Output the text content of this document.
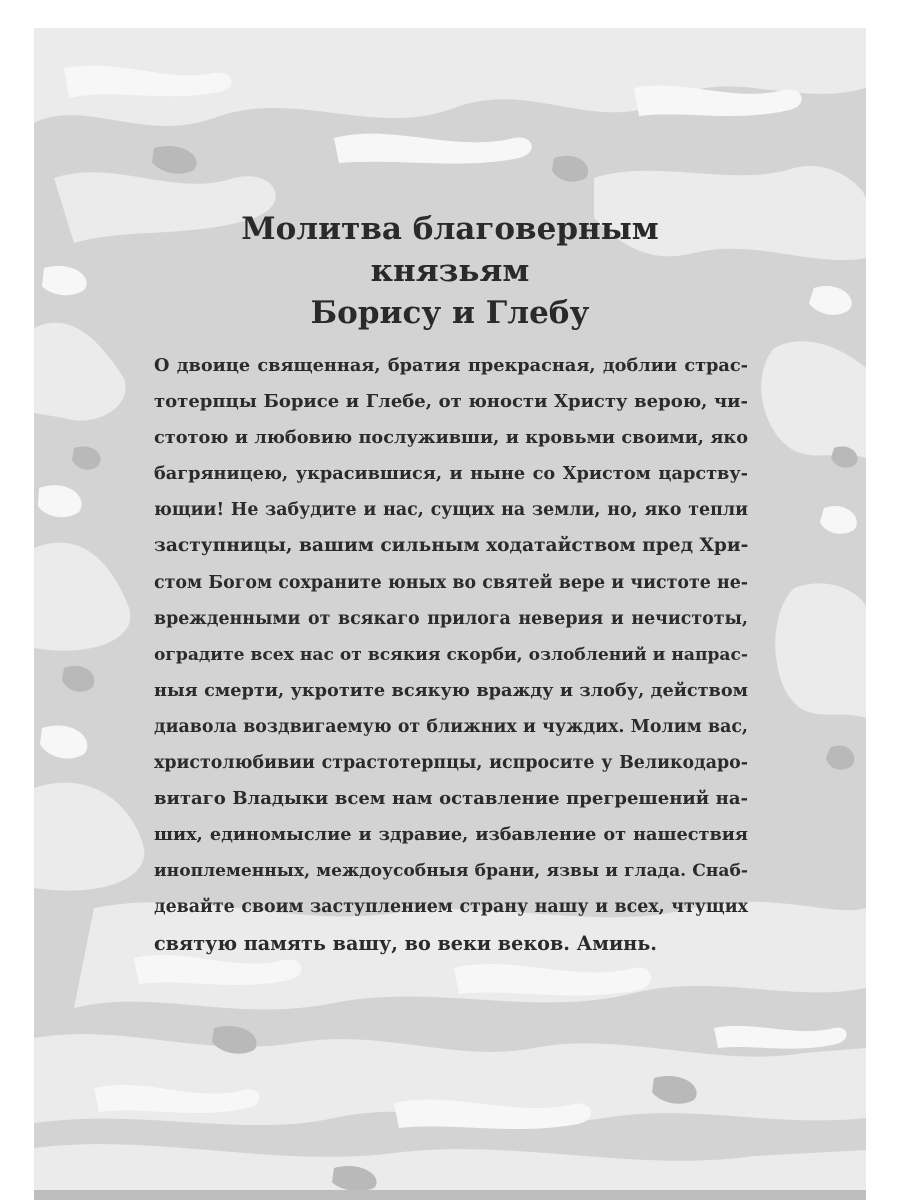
Молитва благоверным
князьям
Борису и Глебу
О двоице священная, братия прекрасная, доблии страс-
тотерпцы Борисе и Глебе, от юности Христу верою, чи-
стотою и любовию послуживши, и кровьми своими, яко
багряницею, украсившися, и ныне со Христом царству-
ющии! Не забудите и нас, сущих на земли, но, яко тепли
заступницы, вашим сильным ходатайством пред Хри-
стом Богом сохраните юных во святей вере и чистоте не-
врежденными от всякаго прилога неверия и нечистоты,
оградите всех нас от всякия скорби, озлоблений и напрас-
ныя смерти, укротите всякую вражду и злобу, действом
диавола воздвигаемую от ближних и чуждих. Молим вас,
христолюбивии страстотерпцы, испросите у Великодаро-
витаго Владыки всем нам оставление прегрешений на-
ших, единомыслие и здравие, избавление от нашествия
иноплеменных, междоусобныя брани, язвы и глада. Снаб-
девайте своим заступлением страну нашу и всех, чтущих
святую память вашу, во веки веков. Аминь.
